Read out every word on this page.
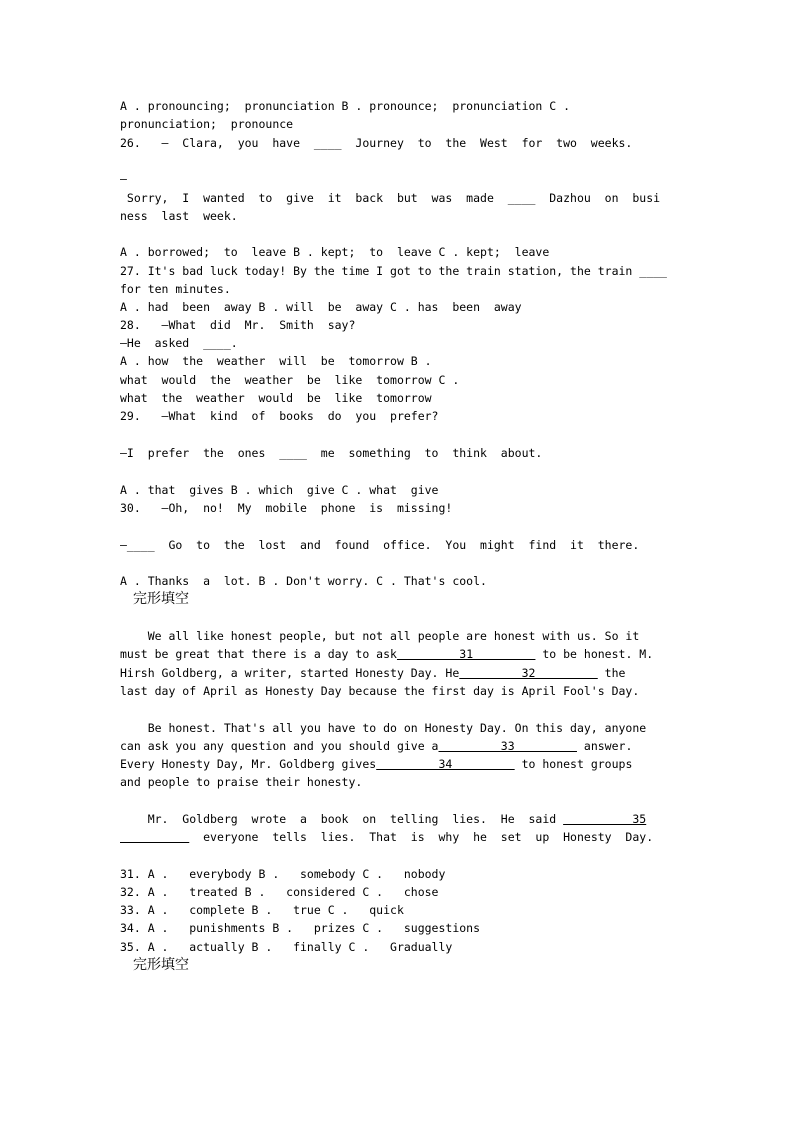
A . pronouncing;  pronunciation B . pronounce;  pronunciation C .
pronunciation;  pronounce
26.   —  Clara,  you  have  ____  Journey  to  the  West  for  two  weeks.
—
Sorry,  I  wanted  to  give  it  back  but  was  made  ____  Dazhou  on  busi
ness  last  week.
A . borrowed;  to  leave B . kept;  to  leave C . kept;  leave
27. It's bad luck today! By the time I got to the train station, the train ____
for ten minutes.
A . had  been  away B . will  be  away C . has  been  away
28.   —What  did  Mr.  Smith  say?
—He  asked  ____.
A . how  the  weather  will  be  tomorrow B .
what  would  the  weather  be  like  tomorrow C .
what  the  weather  would  be  like  tomorrow
29.   —What  kind  of  books  do  you  prefer?
—I  prefer  the  ones  ____  me  something  to  think  about.
A . that  gives B . which  give C . what  give
30.   —Oh,  no!  My  mobile  phone  is  missing!
—____  Go  to  the  lost  and  found  office.  You  might  find  it  there.
A . Thanks  a  lot. B . Don't worry. C . That's cool.
完形填空
We all like honest people, but not all people are honest with us. So it
must be great that there is a day to ask         31          to be honest. M.
Hirsh Goldberg, a writer, started Honesty Day. He         32          the
last day of April as Honesty Day because the first day is April Fool's Day.
Be honest. That's all you have to do on Honesty Day. On this day, anyone
can ask you any question and you should give a         33          answer.
Every Honesty Day, Mr. Goldberg gives         34          to honest groups
and people to praise their honesty.
Mr.  Goldberg  wrote  a  book  on  telling  lies.  He  said           35
everyone  tells  lies.  That  is  why  he  set  up  Honesty  Day.
31. A .   everybody B .   somebody C .   nobody
32. A .   treated B .   considered C .   chose
33. A .   complete B .   true C .   quick
34. A .   punishments B .   prizes C .   suggestions
35. A .   actually B .   finally C .   Gradually
完形填空
